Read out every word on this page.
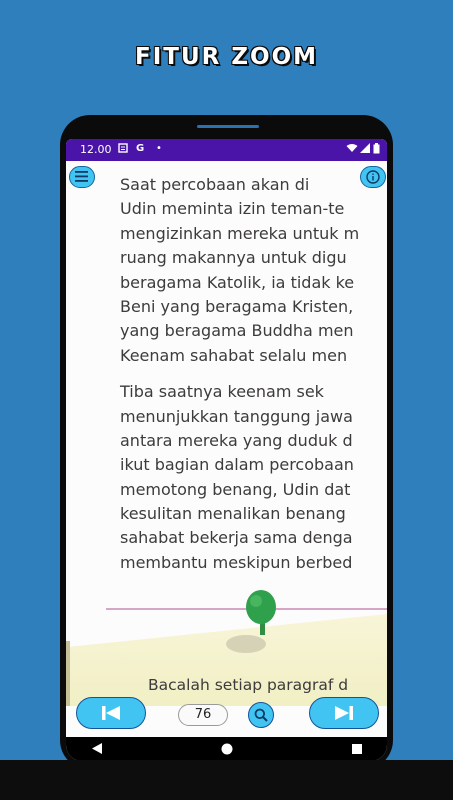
FITUR ZOOM
12.00 G •
Saat percobaan akan di
Udin meminta izin teman-te
mengizinkan mereka untuk m
ruang makannya untuk digu
beragama Katolik, ia tidak ke
Beni yang beragama Kristen,
yang beragama Buddha men
Keenam sahabat selalu men
Tiba saatnya keenam sek
menunjukkan tanggung jawa
antara mereka yang duduk d
ikut bagian dalam percobaan
memotong benang, Udin dat
kesulitan menalikan benang
sahabat bekerja sama denga
membantu meskipun berbed
Bacalah setiap paragraf d
76
